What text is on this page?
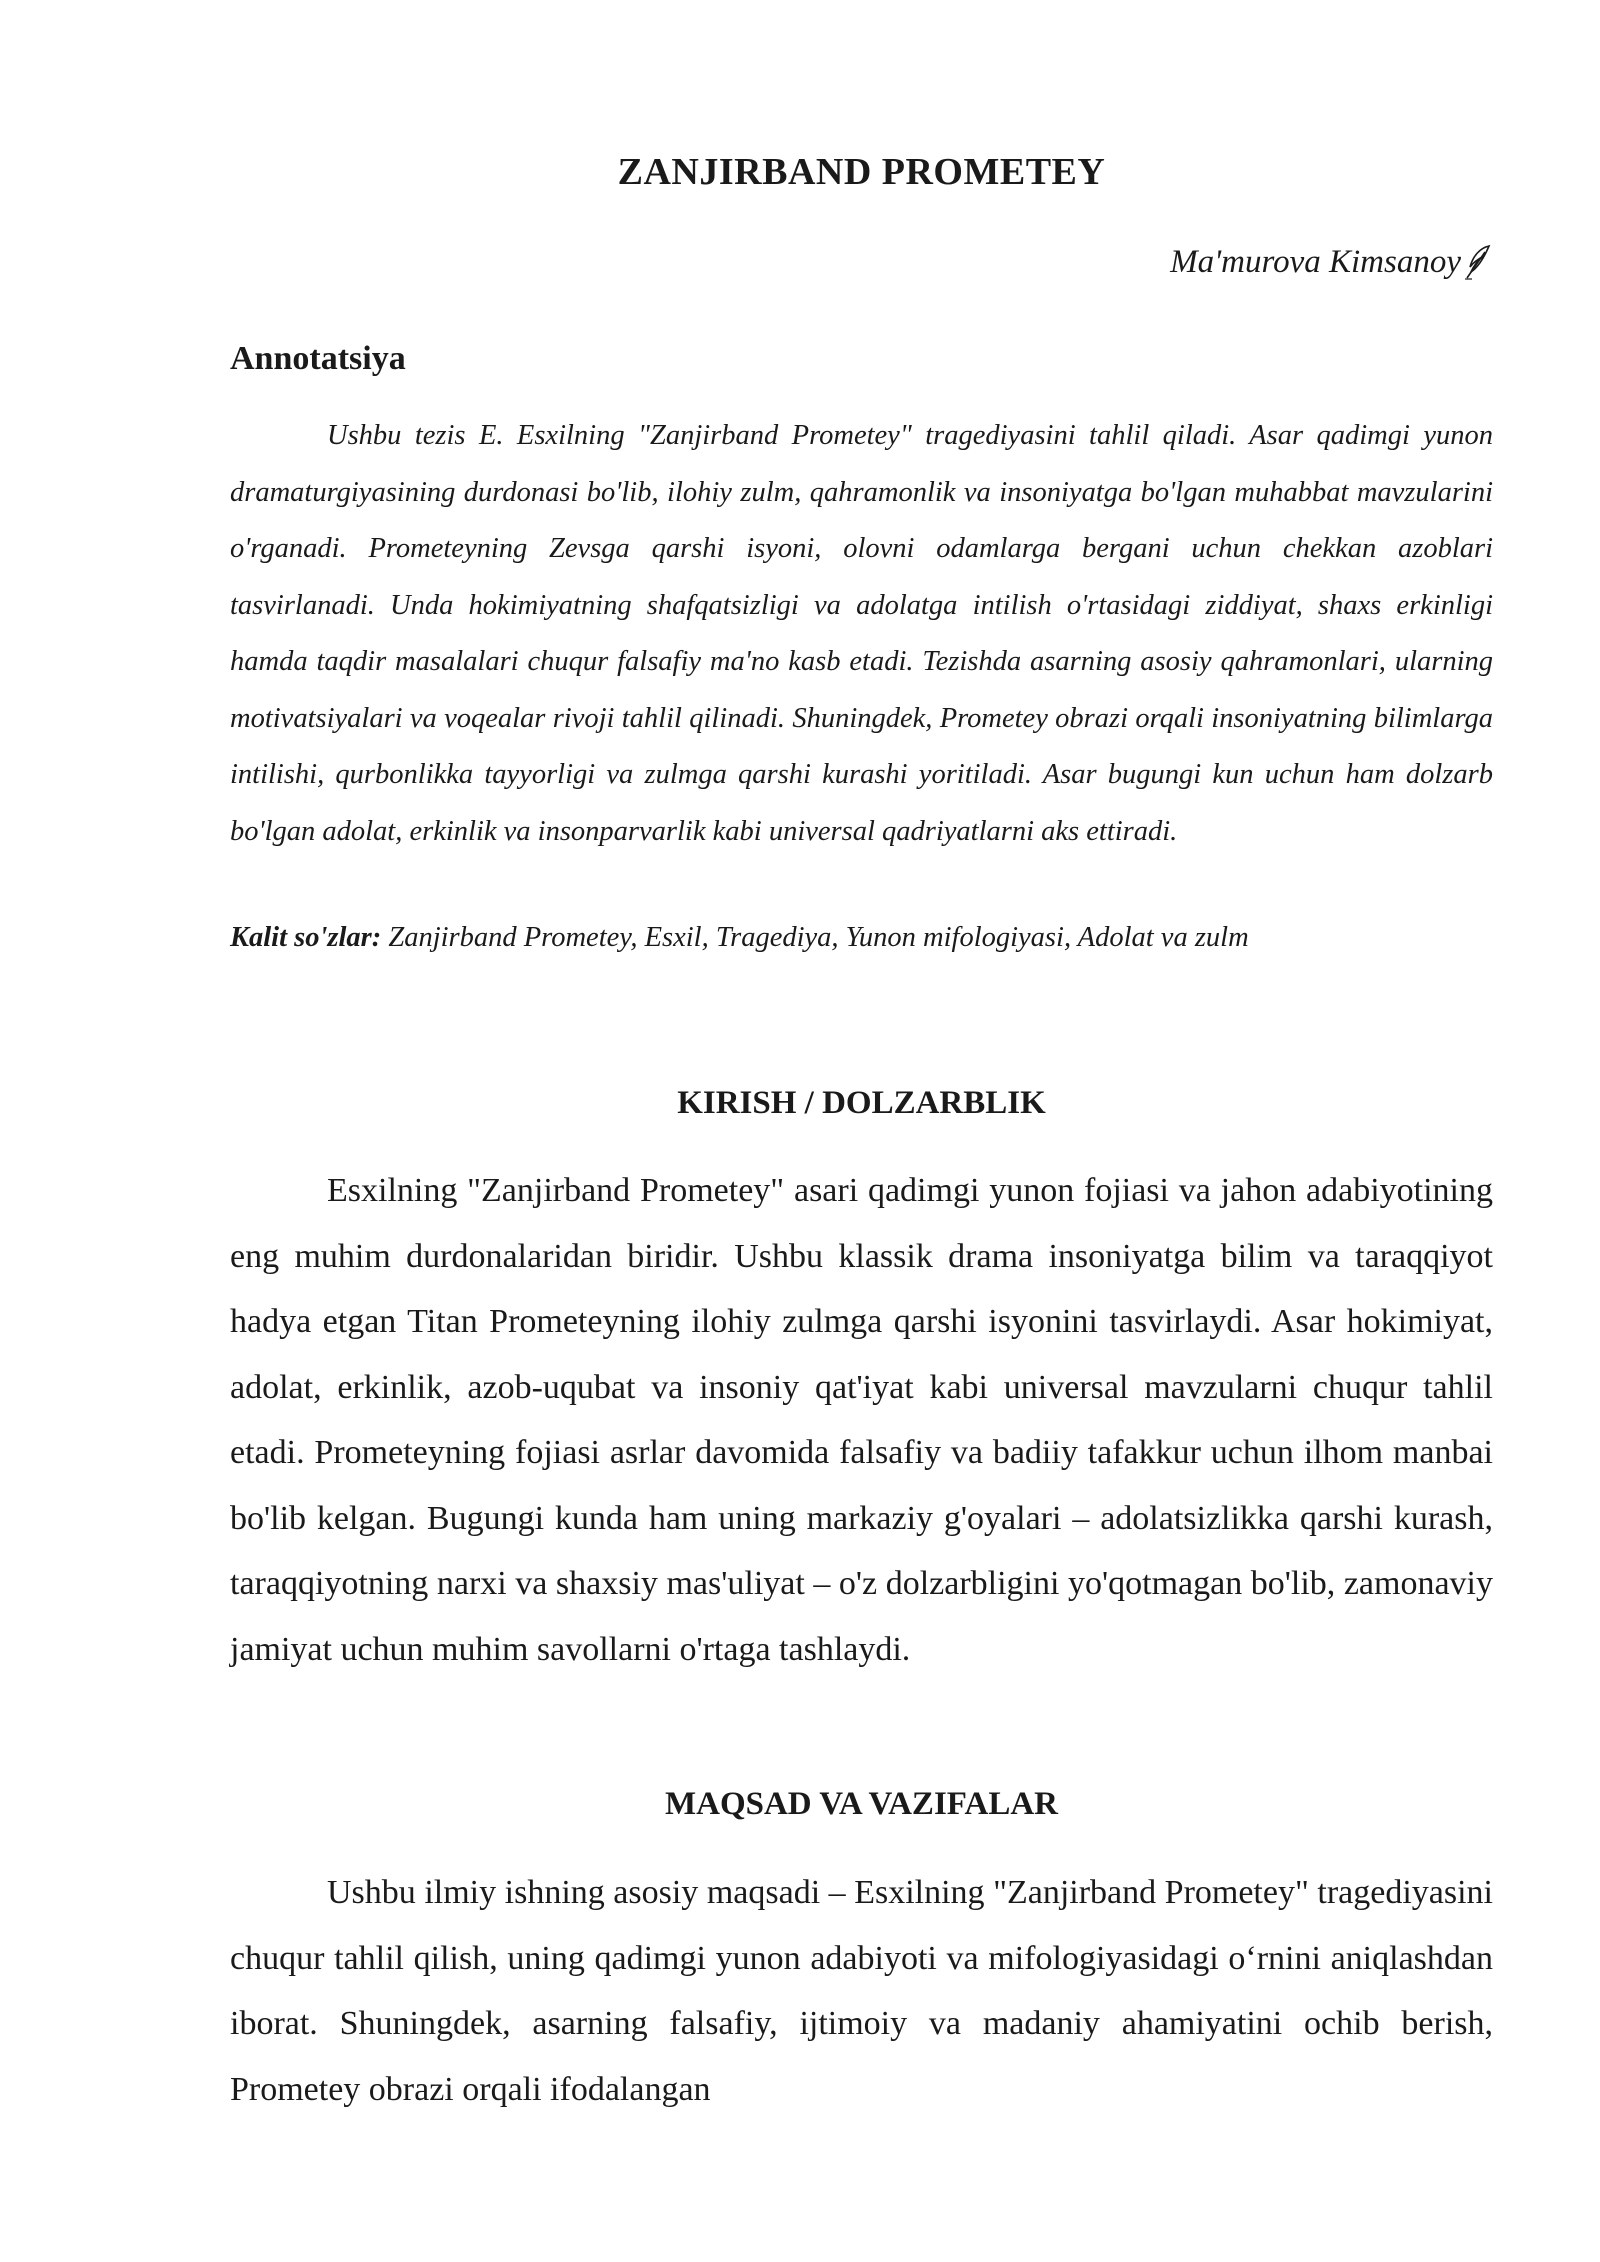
ZANJIRBAND PROMETEY

Ma'murova Kimsanoy

Annotatsiya

Ushbu tezis E. Esxilning "Zanjirband Prometey" tragediyasini tahlil qiladi. Asar qadimgi yunon dramaturgiyasining durdonasi bo'lib, ilohiy zulm, qahramonlik va insoniyatga bo'lgan muhabbat mavzularini o'rganadi. Prometeyning Zevsga qarshi isyoni, olovni odamlarga bergani uchun chekkan azoblari tasvirlanadi. Unda hokimiyatning shafqatsizligi va adolatga intilish o'rtasidagi ziddiyat, shaxs erkinligi hamda taqdir masalalari chuqur falsafiy ma'no kasb etadi. Tezishda asarning asosiy qahramonlari, ularning motivatsiyalari va voqealar rivoji tahlil qilinadi. Shuningdek, Prometey obrazi orqali insoniyatning bilimlarga intilishi, qurbonlikka tayyorligi va zulmga qarshi kurashi yoritiladi. Asar bugungi kun uchun ham dolzarb bo'lgan adolat, erkinlik va insonparvarlik kabi universal qadriyatlarni aks ettiradi.

Kalit so'zlar: Zanjirband Prometey, Esxil, Tragediya, Yunon mifologiyasi, Adolat va zulm

KIRISH / DOLZARBLIK

Esxilning "Zanjirband Prometey" asari qadimgi yunon fojiasi va jahon adabiyotining eng muhim durdonalaridan biridir. Ushbu klassik drama insoniyatga bilim va taraqqiyot hadya etgan Titan Prometeyning ilohiy zulmga qarshi isyonini tasvirlaydi. Asar hokimiyat, adolat, erkinlik, azob-uqubat va insoniy qat'iyat kabi universal mavzularni chuqur tahlil etadi. Prometeyning fojiasi asrlar davomida falsafiy va badiiy tafakkur uchun ilhom manbai bo'lib kelgan. Bugungi kunda ham uning markaziy g'oyalari – adolatsizlikka qarshi kurash, taraqqiyotning narxi va shaxsiy mas'uliyat – o'z dolzarbligini yo'qotmagan bo'lib, zamonaviy jamiyat uchun muhim savollarni o'rtaga tashlaydi.

MAQSAD VA VAZIFALAR

Ushbu ilmiy ishning asosiy maqsadi – Esxilning "Zanjirband Prometey" tragediyasini chuqur tahlil qilish, uning qadimgi yunon adabiyoti va mifologiyasidagi o‘rnini aniqlashdan iborat. Shuningdek, asarning falsafiy, ijtimoiy va madaniy ahamiyatini ochib berish, Prometey obrazi orqali ifodalangan
